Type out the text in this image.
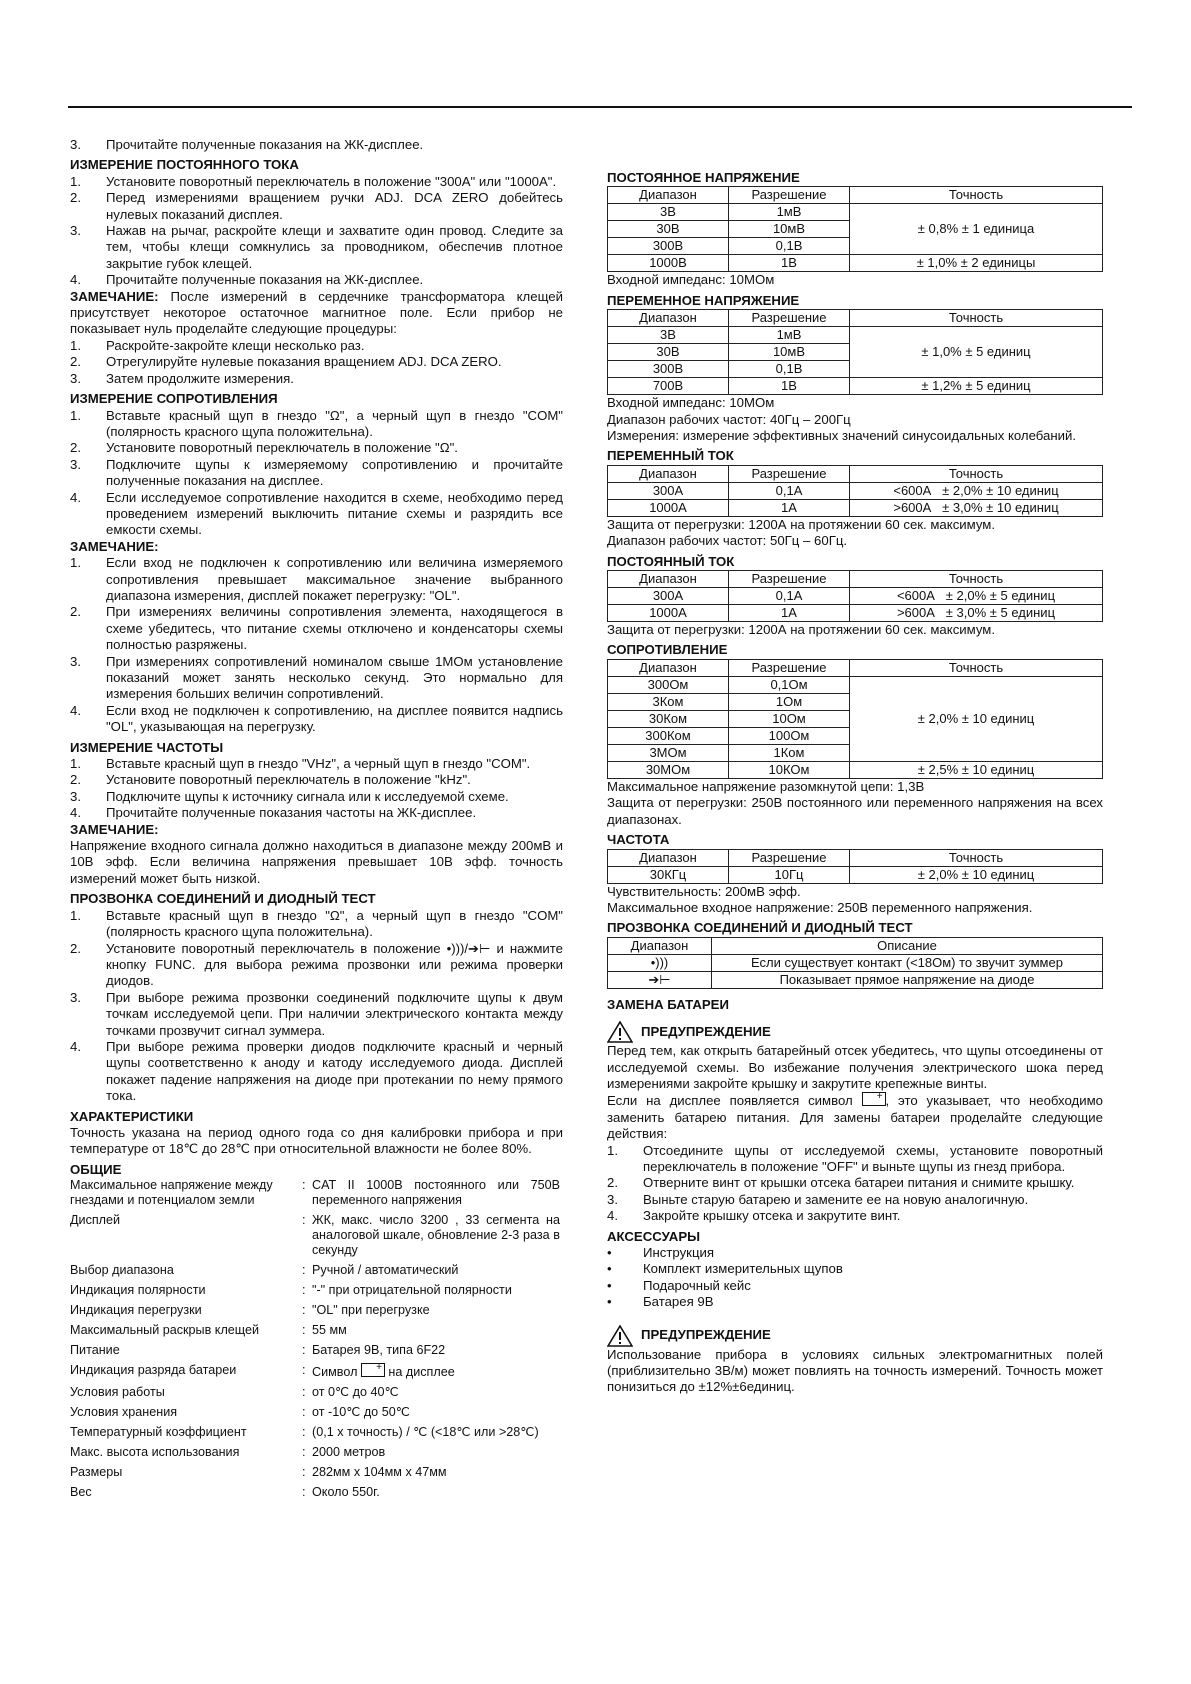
3. Прочитайте полученные показания на ЖК-дисплее.
ИЗМЕРЕНИЕ ПОСТОЯННОГО ТОКА
1. Установите поворотный переключатель в положение "300А" или "1000А".
2. Перед измерениями вращением ручки ADJ. DCA ZERO добейтесь нулевых показаний дисплея.
3. Нажав на рычаг, раскройте клещи и захватите один провод. Следите за тем, чтобы клещи сомкнулись за проводником, обеспечив плотное закрытие губок клещей.
4. Прочитайте полученные показания на ЖК-дисплее.

ЗАМЕЧАНИЕ: После измерений в сердечнике трансформатора клещей присутствует некоторое остаточное магнитное поле. Если прибор не показывает нуль проделайте следующие процедуры:

1. Раскройте-закройте клещи несколько раз.
2. Отрегулируйте нулевые показания вращением ADJ. DCA ZERO.
3. Затем продолжите измерения.
ИЗМЕРЕНИЕ СОПРОТИВЛЕНИЯ
1. Вставьте красный щуп в гнездо "Ω", а черный щуп в гнездо "COM"(полярность красного щупа положительна).
2. Установите поворотный переключатель в положение "Ω".
3. Подключите щупы к измеряемому сопротивлению и прочитайте полученные показания на дисплее.
4. Если исследуемое сопротивление находится в схеме, необходимо перед проведением измерений выключить питание схемы и разрядить все емкости схемы.
ЗАМЕЧАНИЕ:
1. Если вход не подключен к сопротивлению или величина измеряемого сопротивления превышает максимальное значение выбранного диапазона измерения, дисплей покажет перегрузку: "OL".
2. При измерениях величины сопротивления элемента, находящегося в схеме убедитесь, что питание схемы отключено и конденсаторы схемы полностью разряжены.
3. При измерениях сопротивлений номиналом свыше 1МОм установление показаний может занять несколько секунд. Это нормально для измерения больших величин сопротивлений.
4. Если вход не подключен к сопротивлению, на дисплее появится надпись "OL", указывающая на перегрузку.
ИЗМЕРЕНИЕ ЧАСТОТЫ
1. Вставьте красный щуп в гнездо "VHz", а черный щуп в гнездо "COM".
2. Установите поворотный переключатель в положение "kHz".
3. Подключите щупы к источнику сигнала или к исследуемой схеме.
4. Прочитайте полученные показания частоты на ЖК-дисплее.
ЗАМЕЧАНИЕ:

Напряжение входного сигнала должно находиться в диапазоне между 200мВ и 10В эфф. Если величина напряжения превышает 10В эфф. точность измерений может быть низкой.

ПРОЗВОНКА СОЕДИНЕНИЙ И ДИОДНЫЙ ТЕСТ
1. Вставьте красный щуп в гнездо "Ω", а черный щуп в гнездо "COM"(полярность красного щупа положительна).
2. Установите поворотный переключатель в положение •)))/➔⊢ и нажмите кнопку FUNC. для выбора режима прозвонки или режима проверки диодов.
3. При выборе режима прозвонки соединений подключите щупы к двум точкам исследуемой цепи. При наличии электрического контакта между точками прозвучит сигнал зуммера.
4. При выборе режима проверки диодов подключите красный и черный щупы соответственно к аноду и катоду исследуемого диода. Дисплей покажет падение напряжения на диоде при протекании по нему прямого тока.
ХАРАКТЕРИСТИКИ

Точность указана на период одного года со дня калибровки прибора и при температуре от 18℃ до 28℃ при относительной влажности не более 80%.

ОБЩИЕ
Максимальное напряжение между гнездами и потенциалом земли: CAT II 1000В постоянного или 750В переменного напряжения
Дисплей	: ЖК, макс. число 3200 , 33 сегмента на аналоговой шкале, обновление 2-3 раза в секунду
Выбор диапазона	: Ручной / автоматический
Индикация полярности	: "-" при отрицательной полярности
Индикация перегрузки	: "OL" при перегрузке
Максимальный раскрыв клещей	: 55 мм
Питание	: Батарея 9В, типа 6F22
Индикация разряда батареи	: Символ + на дисплее
Условия работы	: от 0℃ до 40℃
Условия хранения	: от -10℃ до 50℃
Температурный коэффициент	: (0,1 х точность) / ℃ (<18℃ или >28℃)
Макс. высота использования	: 2000 метров
Размеры	: 282мм х 104мм х 47мм
Вес	: Около 550г.
ПОСТОЯННОЕ НАПРЯЖЕНИЕ
Диапазон	Разрешение	Точность
3В	1мВ	± 0,8% ± 1 единица
30В	10мВ	
300В	0,1В	
1000В	1В	± 1,0% ± 2 единицы
Входной импеданс: 10МОм
ПЕРЕМЕННОЕ НАПРЯЖЕНИЕ
Диапазон	Разрешение	Точность
3В	1мВ	± 1,0% ± 5 единиц
30В	10мВ	
300В	0,1В	
700В	1В	± 1,2% ± 5 единиц
Входной импеданс: 10МОм
Диапазон рабочих частот: 40Гц – 200Гц

Измерения: измерение эффективных значений синусоидальных колебаний.

ПЕРЕМЕННЫЙ ТОК
Диапазон	Разрешение	Точность
300А	0,1А	<600А   ± 2,0% ± 10 единиц
1000А	1А	>600А   ± 3,0% ± 10 единиц
Защита от перегрузки: 1200А на протяжении 60 сек. максимум.
Диапазон рабочих частот: 50Гц – 60Гц.
ПОСТОЯННЫЙ ТОК
Диапазон	Разрешение	Точность
300А	0,1А	<600А   ± 2,0% ± 5 единиц
1000А	1А	>600А   ± 3,0% ± 5 единиц
Защита от перегрузки: 1200А на протяжении 60 сек. максимум.
СОПРОТИВЛЕНИЕ
Диапазон	Разрешение	Точность
300Ом	0,1Ом	± 2,0% ± 10 единиц
3Ком	1Ом	
30Ком	10Ом	
300Ком	100Ом	
3МОм	1Ком	
30МОм	10КОм	± 2,5% ± 10 единиц
Максимальное напряжение разомкнутой цепи: 1,3В

Защита от перегрузки: 250В постоянного или переменного напряжения на всех диапазонах.

ЧАСТОТА
Диапазон	Разрешение	Точность
30КГц	10Гц	± 2,0% ± 10 единиц
Чувствительность: 200мВ эфф.
Максимальное входное напряжение: 250В переменного напряжения.
ПРОЗВОНКА СОЕДИНЕНИЙ И ДИОДНЫЙ ТЕСТ
Диапазон	Описание
•)))	Если существует контакт (<18Ом) то звучит зуммер
➔⊢	Показывает прямое напряжение на диоде
ЗАМЕНА БАТАРЕИ
ПРЕДУПРЕЖДЕНИЕ

Перед тем, как открыть батарейный отсек убедитесь, что щупы отсоединены от исследуемой схемы. Во избежание получения электрического шока перед измерениями закройте крышку и закрутите крепежные винты.

Если на дисплее появляется символ + , это указывает, что необходимо заменить батарею питания. Для замены батареи проделайте следующие действия:

1. Отсоедините щупы от исследуемой схемы, установите поворотный переключатель в положение "OFF" и выньте щупы из гнезд прибора.
2. Отверните винт от крышки отсека батареи питания и снимите крышку.
3. Выньте старую батарею и замените ее на новую аналогичную.
4. Закройте крышку отсека и закрутите винт.
АКСЕССУАРЫ
• Инструкция
• Комплект измерительных щупов
• Подарочный кейс
• Батарея 9В
ПРЕДУПРЕЖДЕНИЕ

Использование прибора в условиях сильных электромагнитных полей (приблизительно 3В/м) может повлиять на точность измерений. Точность может понизиться до ±12%±6единиц.
